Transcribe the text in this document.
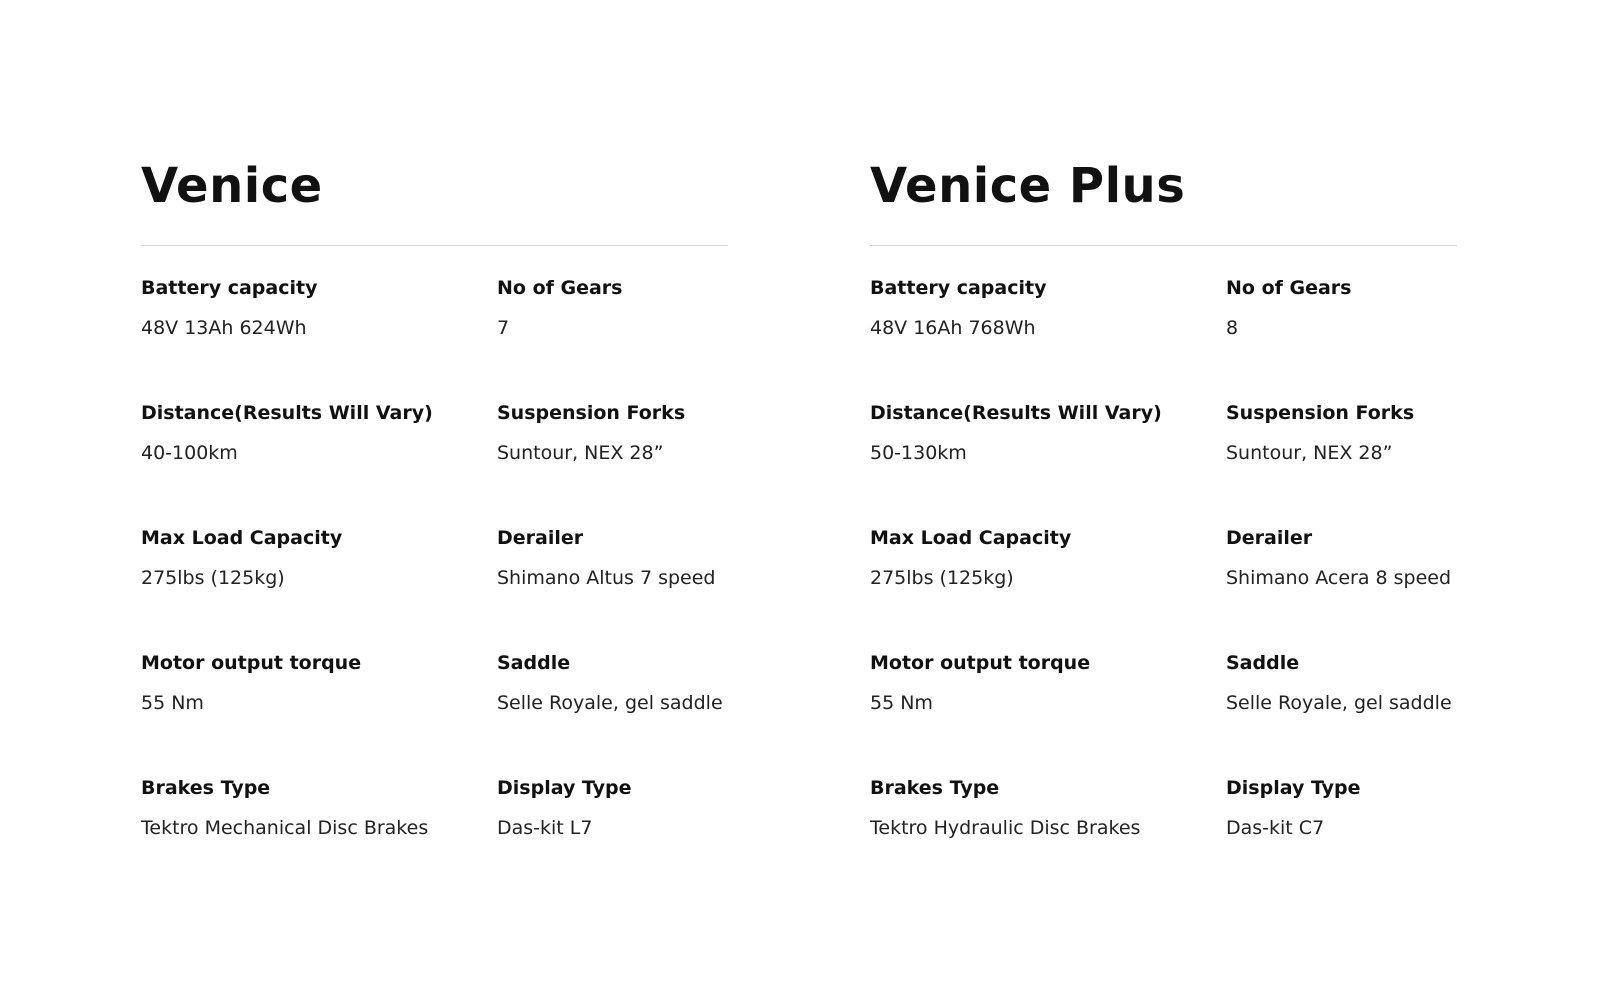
Venice
Battery capacity
48V 13Ah 624Wh
No of Gears
7
Distance(Results Will Vary)
40-100km
Suspension Forks
Suntour, NEX 28”
Max Load Capacity
275lbs (125kg)
Derailer
Shimano Altus 7 speed
Motor output torque
55 Nm
Saddle
Selle Royale, gel saddle
Brakes Type
Tektro Mechanical Disc Brakes
Display Type
Das-kit L7
Venice Plus
Battery capacity
48V 16Ah 768Wh
No of Gears
8
Distance(Results Will Vary)
50-130km
Suspension Forks
Suntour, NEX 28”
Max Load Capacity
275lbs (125kg)
Derailer
Shimano Acera 8 speed
Motor output torque
55 Nm
Saddle
Selle Royale, gel saddle
Brakes Type
Tektro Hydraulic Disc Brakes
Display Type
Das-kit C7
